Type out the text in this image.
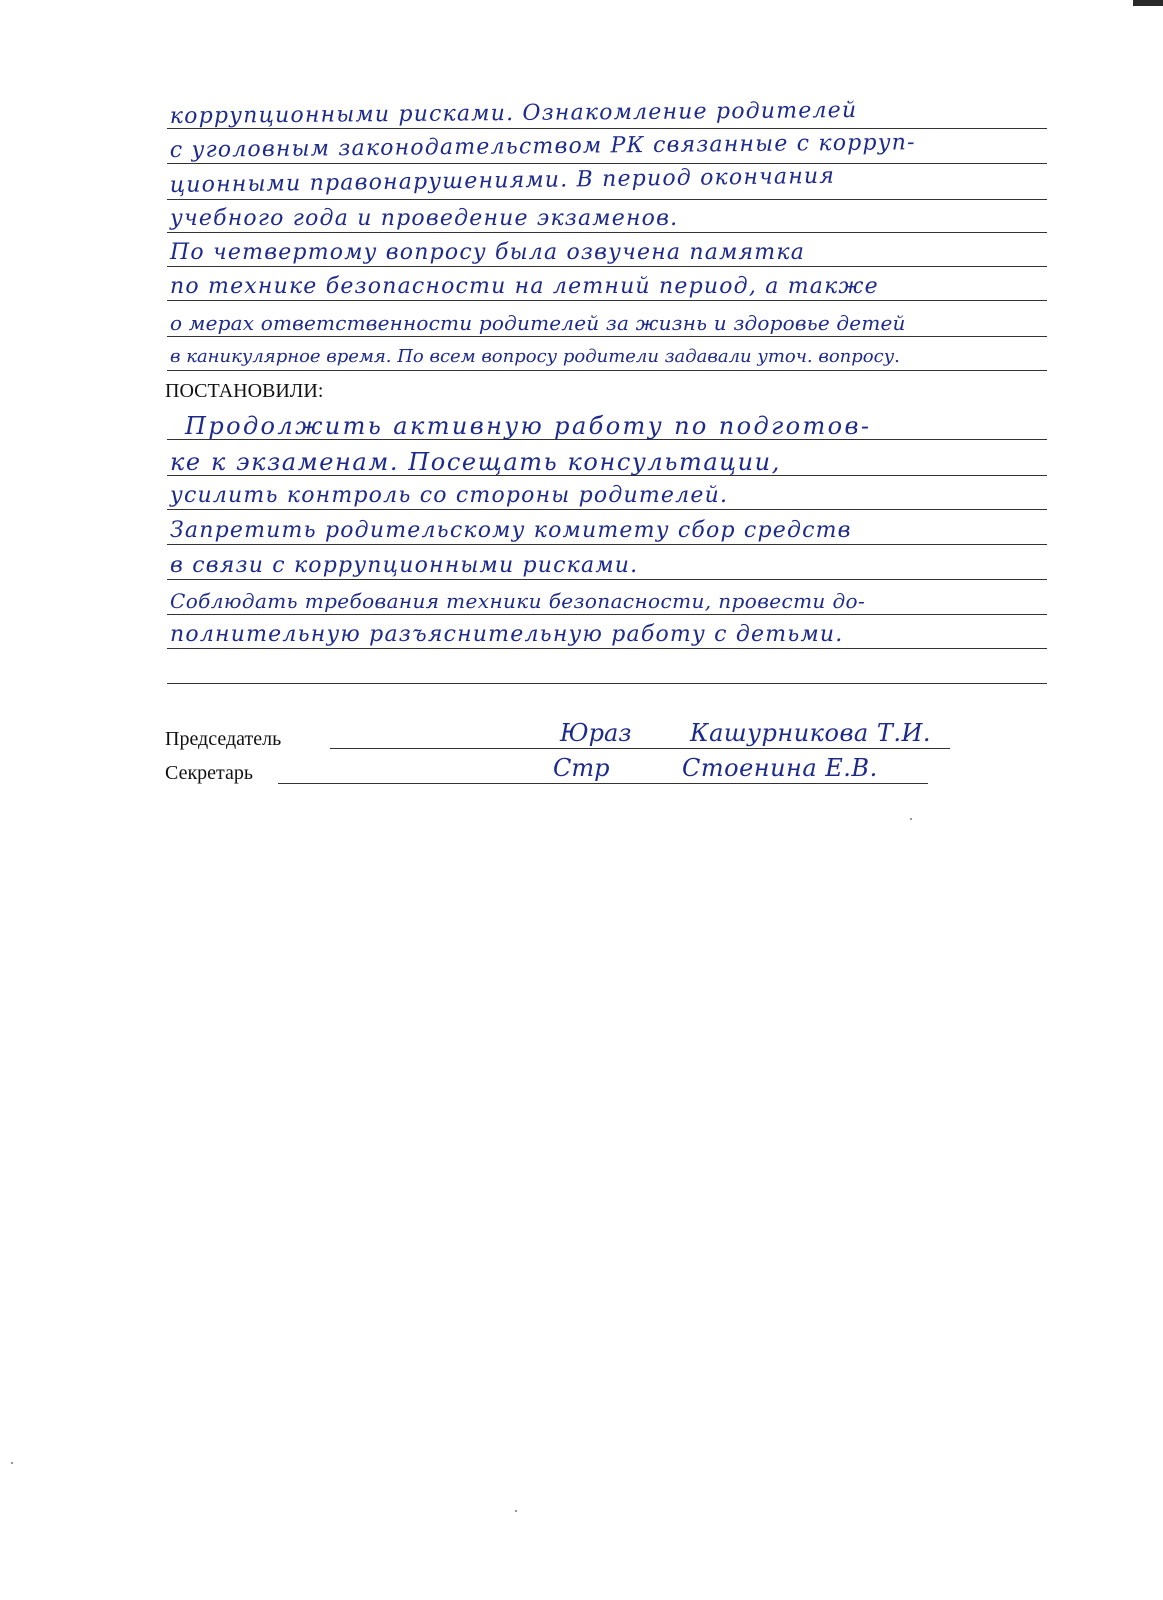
коррупционными рисками. Ознакомление родителей
с уголовным законодательством РК связанные с корруп-
ционными правонарушениями. В период окончания
учебного года и проведение экзаменов.
По четвертому вопросу была озвучена памятка
по технике безопасности на летний период, а также
о мерах ответственности родителей за жизнь и здоровье детей
в каникулярное время. По всем вопросу родители задавали уточ. вопросу.
ПОСТАНОВИЛИ:
Продолжить активную работу по подготов-
ке к экзаменам. Посещать консультации,
усилить контроль со стороны родителей.
Запретить родительскому комитету сбор средств
в связи с коррупционными рисками.
Соблюдать требования техники безопасности, провести до-
полнительную разъяснительную работу с детьми.
Председатель	Юраз Кашурникова Т.И.
Секретарь	Стр	Стоенина Е.В.
